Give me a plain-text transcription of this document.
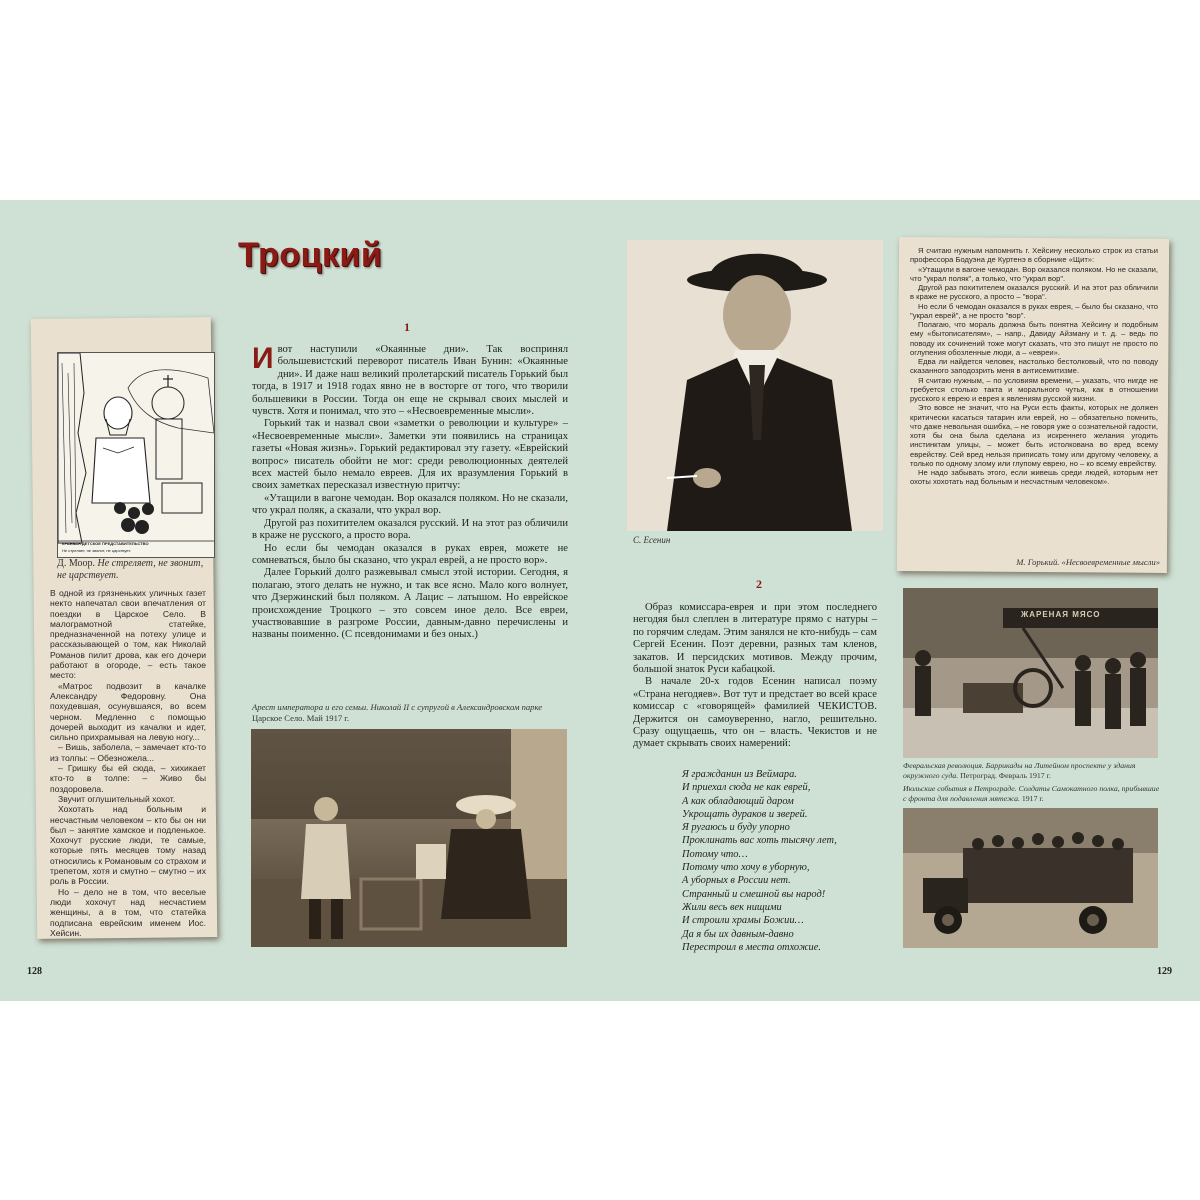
Троцкий
КРАЕВАЯ ДЕТСКОЕ ПРЕДСТАВИТЕЛЬСТВО
Не стреляет, не звонит, не царствует.
Д. Моор. Не стреляет, не звонит, не царствует.

В одной из грязненьких уличных газет некто напечатал свои впечатления от поездки в Царское Село. В малограмотной статейке, предназначенной на потеху улице и рассказывающей о том, как Николай Романов пилит дрова, как его дочери работают в огороде, – есть такое место:

«Матрос подвозит в качалке Александру Федоровну. Она похудевшая, осунувшаяся, во всем черном. Медленно с помощью дочерей выходит из качалки и идет, сильно прихрамывая на левую ногу...

– Вишь, заболела, – замечает кто-то из толпы: – Обезножела...

– Гришку бы ей сюда, – хихикает кто-то в толпе: – Живо бы поздоровела.

Звучит оглушительный хохот.

Хохотать над больным и несчастным человеком – кто бы он ни был – занятие хамское и подленькое. Хохочут русские люди, те самые, которые пять месяцев тому назад относились к Романовым со страхом и трепетом, хотя и смутно – смутно – их роль в России.

Но – дело не в том, что веселые люди хохочут над несчастием женщины, а в том, что статейка подписана еврейским именем Иос. Хейсин.

1

Ивот наступили «Окаянные дни». Так воспринял большевистский переворот писатель Иван Бунин: «Окаянные дни». И даже наш великий пролетарский писатель Горький был тогда, в 1917 и 1918 годах явно не в восторге от того, что творили большевики в России. Тогда он еще не скрывал своих мыслей и чувств. Хотя и понимал, что это – «Несвоевременные мысли».

Горький так и назвал свои «заметки о революции и культуре» – «Несвоевременные мысли». Заметки эти появились на страницах газеты «Новая жизнь». Горький редактировал эту газету. «Еврейский вопрос» писатель обойти не мог: среди революционных деятелей всех мастей было немало евреев. Для их вразумления Горький в своих заметках пересказал известную притчу:

«Утащили в вагоне чемодан. Вор оказался поляком. Но не сказали, что украл поляк, а сказали, что украл вор.

Другой раз похитителем оказался русский. И на этот раз обличили в краже не русского, а просто вора.

Но если бы чемодан оказался в руках еврея, можете не сомневаться, было бы сказано, что украл еврей, а не просто вор».

Далее Горький долго разжевывал смысл этой истории. Сегодня, я полагаю, этого делать не нужно, и так все ясно. Мало кого волнует, что Дзержинский был поляком. А Лацис – латышом. Но еврейское происхождение Троцкого – это совсем иное дело. Все евреи, участвовавшие в разгроме России, давным-давно перечислены и названы поименно. (С псевдонимами и без оных.)

Арест императора и его семьи. Николай II с супругой в Александровском парке
Царское Село. Май 1917 г.
С. Есенин
2

Образ комиссара-еврея и при этом последнего негодяя был слеплен в литературе прямо с натуры – по горячим следам. Этим занялся не кто-нибудь – сам Сергей Есенин. Поэт деревни, разных там кленов, закатов. И персидских мотивов. Между прочим, большой знаток Руси кабацкой.

В начале 20-х годов Есенин написал поэму «Страна негодяев». Вот тут и предстает во всей красе комиссар с «говорящей» фамилией ЧЕКИСТОВ. Держится он самоуверенно, нагло, решительно. Сразу ощущаешь, что он – власть. Чекистов и не думает скрывать своих намерений:

Я гражданин из Веймара.
И приехал сюда не как еврей,
А как обладающий даром
Укрощать дураков и зверей.
Я ругаюсь и буду упорно
Проклинать вас хоть тысячу лет,
Потому что…
Потому что хочу в уборную,
А уборных в России нет.
Странный и смешной вы народ!
Жили весь век нищими
И строили храмы Божии…
Да я бы их давным-давно
Перестроил в места отхожие.

Я считаю нужным напомнить г. Хейсину несколько строк из статьи профессора Бодуэна де Куртенэ в сборнике «Щит»:

«Утащили в вагоне чемодан. Вор оказался поляком. Но не сказали, что "украл поляк", а только, что "украл вор".

Другой раз похитителем оказался русский. И на этот раз обличили в краже не русского, а просто – "вора".

Но если б чемодан оказался в руках еврея, – было бы сказано, что "украл еврей", а не просто "вор".

Полагаю, что мораль должна быть понятна Хейсину и подобным ему «бытописателям», – напр., Давиду Айзману и т. д. – ведь по поводу их сочинений тоже могут сказать, что это пишут не просто по оглупения обозленные люди, а – «евреи».

Едва ли найдется человек, настолько бестолковый, что по поводу сказанного заподозрить меня в антисемитизме.

Я считаю нужным, – по условиям времени, – указать, что нигде не требуется столько такта и морального чутья, как в отношении русского к еврею и еврея к явлениям русской жизни.

Это вовсе не значит, что на Руси есть факты, которых не должен критически касаться татарин или еврей, но – обязательно помнить, что даже невольная ошибка, – не говоря уже о сознательной гадости, хотя бы она была сделана из искреннего желания угодить инстинктам улицы, – может быть истолкована во вред всему еврейству. Сей вред нельзя приписать тому или другому человеку, а только по одному злому или глупому еврею, но – ко всему еврейству.

Не надо забывать этого, если живешь среди людей, которым нет охоты хохотать над больным и несчастным человеком».

М. Горький. «Несвоевременные мысли»
ЖАРЕНАЯ МЯСО
Февральская революция. Баррикады на Литейном проспекте у здания окружного суда. Петроград. Февраль 1917 г.
Июльские события в Петрограде. Солдаты Самокатного полка, прибывшие с фронта для подавления мятежа. 1917 г.
128	129
